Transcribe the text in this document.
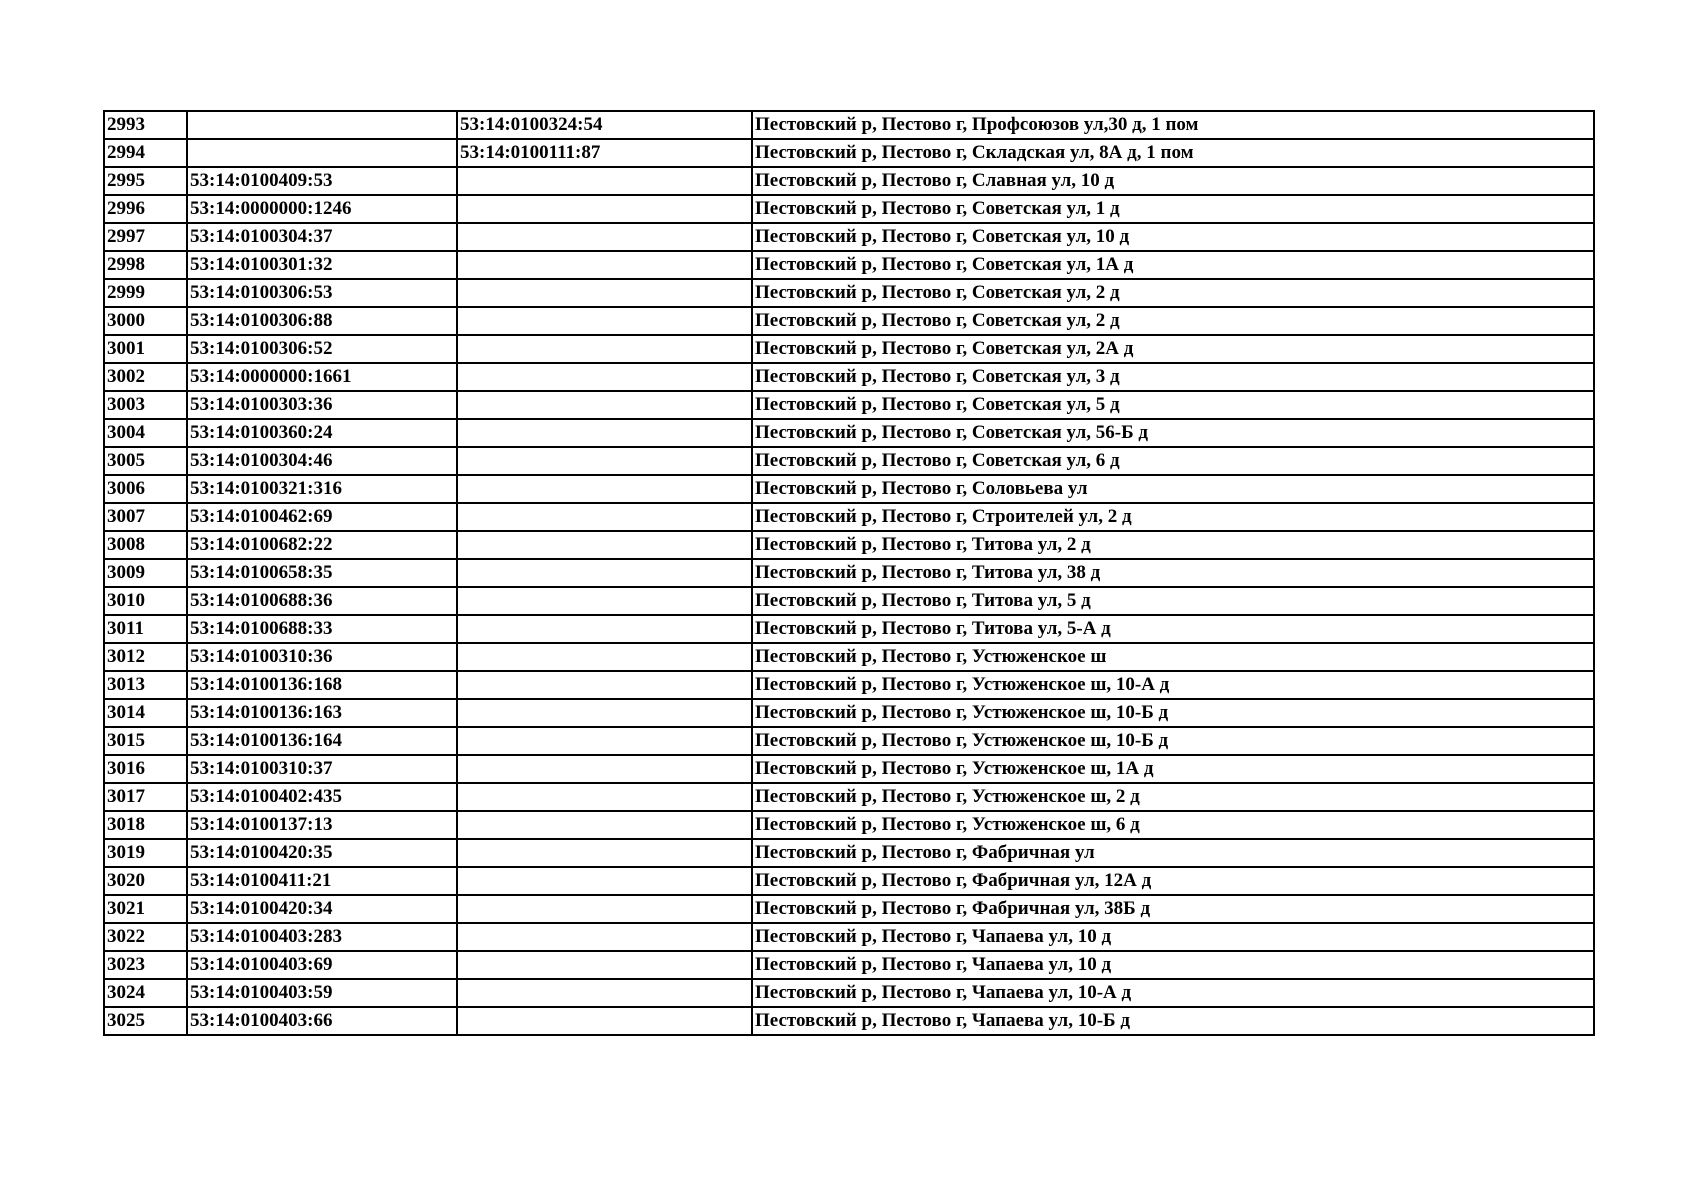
2993		53:14:0100324:54	Пестовский р, Пестово г, Профсоюзов ул,30 д, 1 пом
2994		53:14:0100111:87	Пестовский р, Пестово г, Складская ул, 8А д, 1 пом
2995	53:14:0100409:53		Пестовский р, Пестово г, Славная ул, 10 д
2996	53:14:0000000:1246		Пестовский р, Пестово г, Советская ул, 1 д
2997	53:14:0100304:37		Пестовский р, Пестово г, Советская ул, 10 д
2998	53:14:0100301:32		Пестовский р, Пестово г, Советская ул, 1А д
2999	53:14:0100306:53		Пестовский р, Пестово г, Советская ул, 2 д
3000	53:14:0100306:88		Пестовский р, Пестово г, Советская ул, 2 д
3001	53:14:0100306:52		Пестовский р, Пестово г, Советская ул, 2А д
3002	53:14:0000000:1661		Пестовский р, Пестово г, Советская ул, 3 д
3003	53:14:0100303:36		Пестовский р, Пестово г, Советская ул, 5 д
3004	53:14:0100360:24		Пестовский р, Пестово г, Советская ул, 56-Б д
3005	53:14:0100304:46		Пестовский р, Пестово г, Советская ул, 6 д
3006	53:14:0100321:316		Пестовский р, Пестово г, Соловьева ул
3007	53:14:0100462:69		Пестовский р, Пестово г, Строителей ул, 2 д
3008	53:14:0100682:22		Пестовский р, Пестово г, Титова ул, 2 д
3009	53:14:0100658:35		Пестовский р, Пестово г, Титова ул, 38 д
3010	53:14:0100688:36		Пестовский р, Пестово г, Титова ул, 5 д
3011	53:14:0100688:33		Пестовский р, Пестово г, Титова ул, 5-А д
3012	53:14:0100310:36		Пестовский р, Пестово г, Устюженское ш
3013	53:14:0100136:168		Пестовский р, Пестово г, Устюженское ш, 10-А д
3014	53:14:0100136:163		Пестовский р, Пестово г, Устюженское ш, 10-Б д
3015	53:14:0100136:164		Пестовский р, Пестово г, Устюженское ш, 10-Б д
3016	53:14:0100310:37		Пестовский р, Пестово г, Устюженское ш, 1А д
3017	53:14:0100402:435		Пестовский р, Пестово г, Устюженское ш, 2 д
3018	53:14:0100137:13		Пестовский р, Пестово г, Устюженское ш, 6 д
3019	53:14:0100420:35		Пестовский р, Пестово г, Фабричная ул
3020	53:14:0100411:21		Пестовский р, Пестово г, Фабричная ул, 12А д
3021	53:14:0100420:34		Пестовский р, Пестово г, Фабричная ул, 38Б д
3022	53:14:0100403:283		Пестовский р, Пестово г, Чапаева ул, 10 д
3023	53:14:0100403:69		Пестовский р, Пестово г, Чапаева ул, 10 д
3024	53:14:0100403:59		Пестовский р, Пестово г, Чапаева ул, 10-А д
3025	53:14:0100403:66		Пестовский р, Пестово г, Чапаева ул, 10-Б д
